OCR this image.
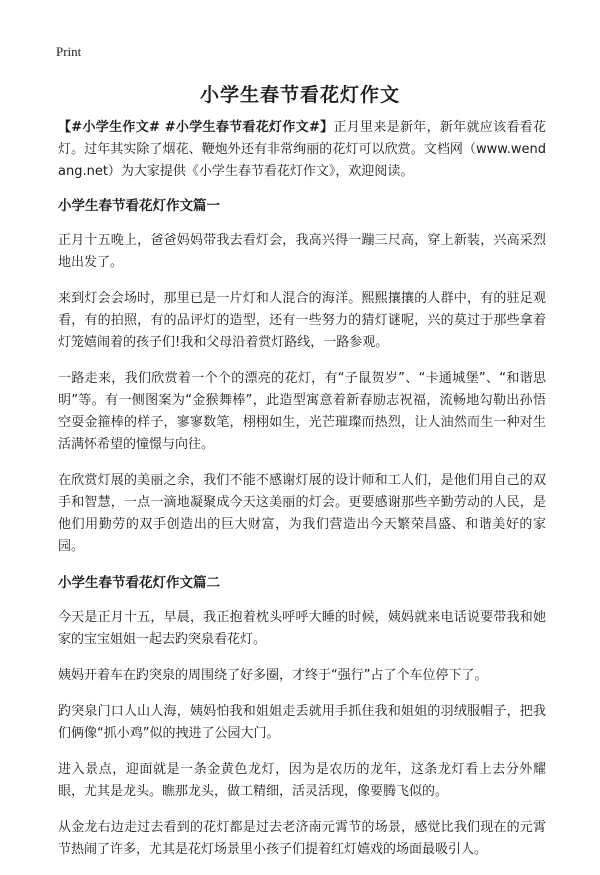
Print
小学生春节看花灯作文

【#小学生作文# #小学生春节看花灯作文#】正月里来是新年，新年就应该看看花灯。过年其实除了烟花、鞭炮外还有非常绚丽的花灯可以欣赏。文档网（www.wendang.net）为大家提供《小学生春节看花灯作文》，欢迎阅读。

小学生春节看花灯作文篇一

正月十五晚上，爸爸妈妈带我去看灯会，我高兴得一蹦三尺高，穿上新装，兴高采烈地出发了。

来到灯会会场时，那里已是一片灯和人混合的海洋。熙熙攘攘的人群中，有的驻足观看，有的拍照，有的品评灯的造型，还有一些努力的猜灯谜呢，兴的莫过于那些拿着灯笼嬉闹着的孩子们!我和父母沿着赏灯路线，一路参观。

一路走来，我们欣赏着一个个的漂亮的花灯，有“子鼠贺岁”、“卡通城堡”、“和谐思明”等。有一侧图案为“金猴舞棒”，此造型寓意着新春励志祝福，流畅地勾勒出孙悟空耍金箍棒的样子，寥寥数笔，栩栩如生，光芒璀璨而热烈，让人油然而生一种对生活满怀希望的憧憬与向往。

在欣赏灯展的美丽之余，我们不能不感谢灯展的设计师和工人们，是他们用自己的双手和智慧，一点一滴地凝聚成今天这美丽的灯会。更要感谢那些辛勤劳动的人民，是他们用勤劳的双手创造出的巨大财富，为我们营造出今天繁荣昌盛、和谐美好的家园。

小学生春节看花灯作文篇二

今天是正月十五，早晨，我正抱着枕头呼呼大睡的时候，姨妈就来电话说要带我和她家的宝宝姐姐一起去趵突泉看花灯。

姨妈开着车在趵突泉的周围绕了好多圈，才终于“强行”占了个车位停下了。

趵突泉门口人山人海，姨妈怕我和姐姐走丢就用手抓住我和姐姐的羽绒服帽子，把我们俩像“抓小鸡”似的拽进了公园大门。

进入景点，迎面就是一条金黄色龙灯，因为是农历的龙年，这条龙灯看上去分外耀眼，尤其是龙头。瞧那龙头，做工精细，活灵活现，像要腾飞似的。

从金龙右边走过去看到的花灯都是过去老济南元霄节的场景，感觉比我们现在的元霄节热闹了许多，尤其是花灯场景里小孩子们提着红灯嬉戏的场面最吸引人。
